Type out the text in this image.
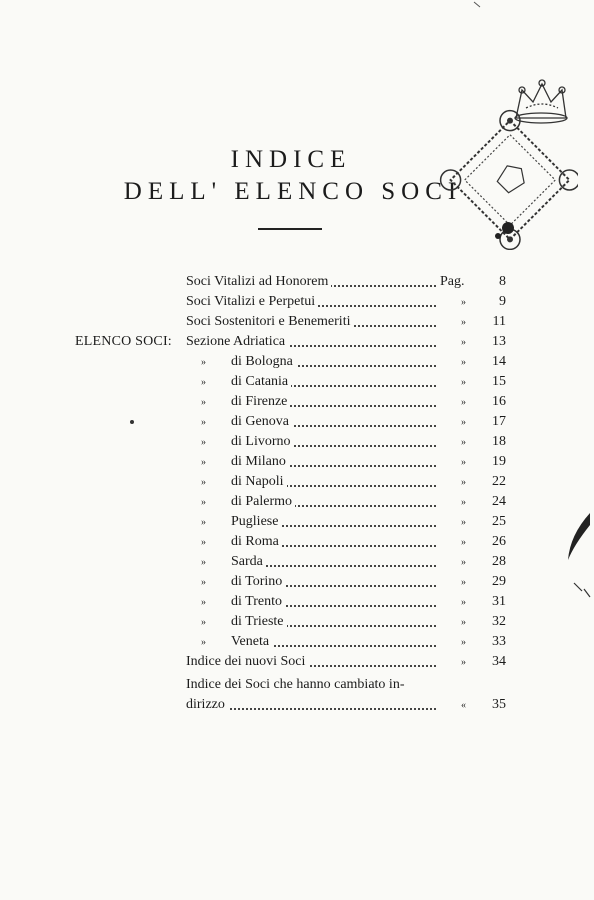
INDICE
DELL' ELENCO SOCI
Soci Vitalizi ad Honorem	Pag.	8
Soci Vitalizi e Perpetui	»	9
Soci Sostenitori e Benemeriti	»	11
ELENCO SOCI: Sezione Adriatica	»	13
» di Bologna	»	14
» di Catania	»	15
» di Firenze	»	16
» di Genova	»	17
» di Livorno	»	18
» di Milano	»	19
» di Napoli	»	22
» di Palermo	»	24
» Pugliese	»	25
» di Roma	»	26
» Sarda	»	28
» di Torino	»	29
» di Trento	»	31
» di Trieste	»	32
» Veneta	»	33
Indice dei nuovi Soci	»	34
Indice dei Soci che hanno cambiato in-
dirizzo	«	35
